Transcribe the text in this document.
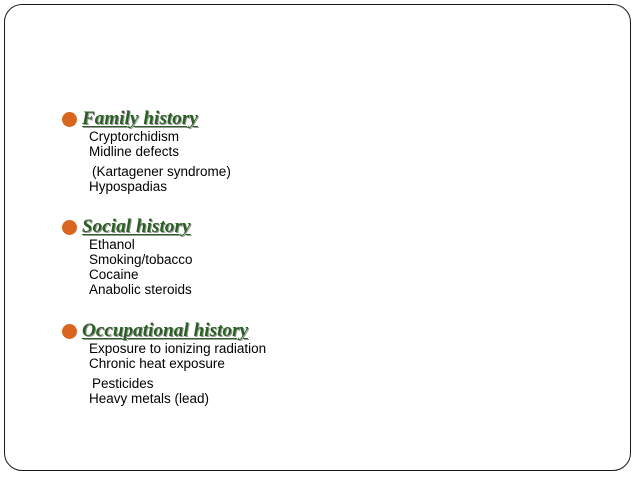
Family history
Cryptorchidism
Midline defects
(Kartagener syndrome)
Hypospadias
Social history
Ethanol
Smoking/tobacco
Cocaine
Anabolic steroids
Occupational history
Exposure to ionizing radiation
Chronic heat exposure
Pesticides
Heavy metals (lead)
